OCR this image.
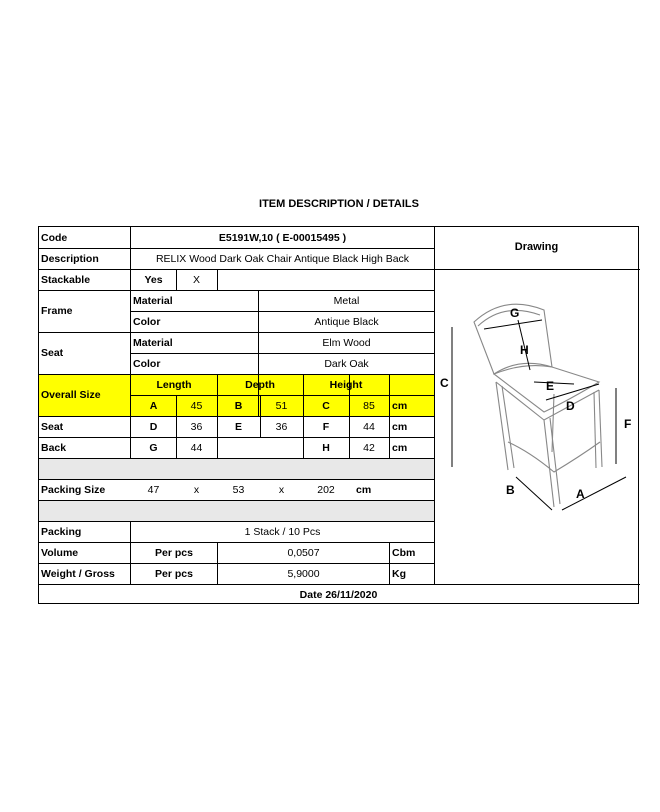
ITEM DESCRIPTION / DETAILS
Code	E5191W,10 ( E-00015495 )
Description	RELIX Wood Dark Oak Chair Antique Black High Back
Stackable	Yes	X
Frame
Material	Metal
Color	Antique Black
Seat
Material	Elm Wood
Color	Dark Oak
Overall Size
Length	Depth	Height
A	45	B	51	C	85	cm
Seat	D	36	E	36	F	44	cm
Back	G	44	H	42	cm
Packing Size	47	x	53	x	202	cm
Packing	1 Stack / 10 Pcs
Volume	Per pcs	0,0507	Cbm
Weight / Gross	Per pcs	5,9000	Kg
Drawing
C
F
G
H
E
D
B	A
Date 26/11/2020
